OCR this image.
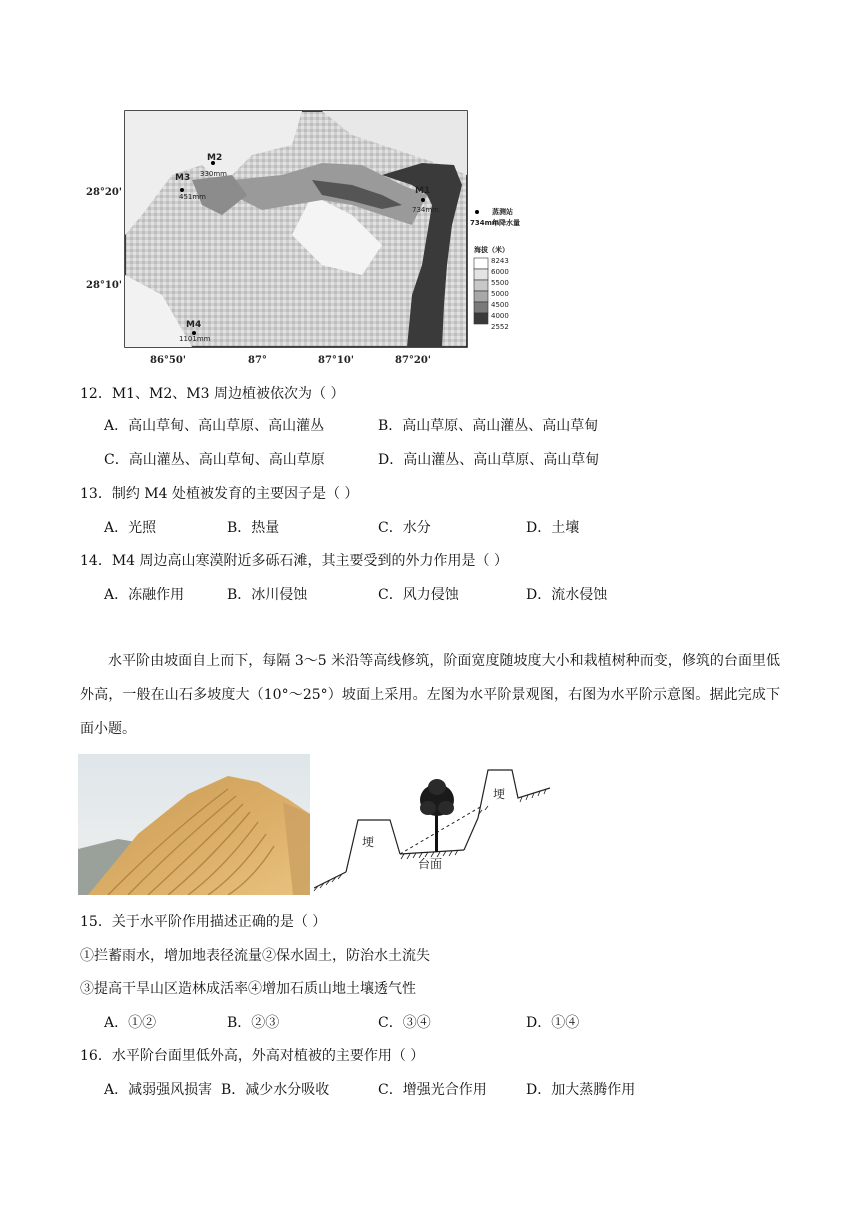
M2
330mm
M3
451mm
M1
734mm
M4
1101mm
28°20'
28°10'
86°50'	87°	87°10'	87°20'
蒸测站
734mm
年降水量
海拔（米）
8243
6000
5500
5000
4500
4000
2552
12．M1、M2、M3 周边植被依次为（ ）
A．高山草甸、高山草原、高山灌丛	B．高山草原、高山灌丛、高山草甸
C．高山灌丛、高山草甸、高山草原	D．高山灌丛、高山草原、高山草甸
13．制约 M4 处植被发育的主要因子是（ ）
A．光照	B．热量	C．水分	D．土壤
14．M4 周边高山寒漠附近多砾石滩，其主要受到的外力作用是（ ）
A．冻融作用	B．冰川侵蚀	C．风力侵蚀	D．流水侵蚀
水平阶由坡面自上而下，每隔 3～5 米沿等高线修筑，阶面宽度随坡度大小和栽植树种而变，修筑的台面里低外高，一般在山石多坡度大（10°～25°）坡面上采用。左图为水平阶景观图，右图为水平阶示意图。据此完成下面小题。
埂
埂
台面
15．关于水平阶作用描述正确的是（ ）
①拦蓄雨水，增加地表径流量②保水固土，防治水土流失
③提高干旱山区造林成活率④增加石质山地土壤透气性
A．①②	B．②③	C．③④	D．①④
16．水平阶台面里低外高，外高对植被的主要作用（ ）
A．减弱强风损害 B．减少水分吸收	C．增强光合作用	D．加大蒸腾作用
